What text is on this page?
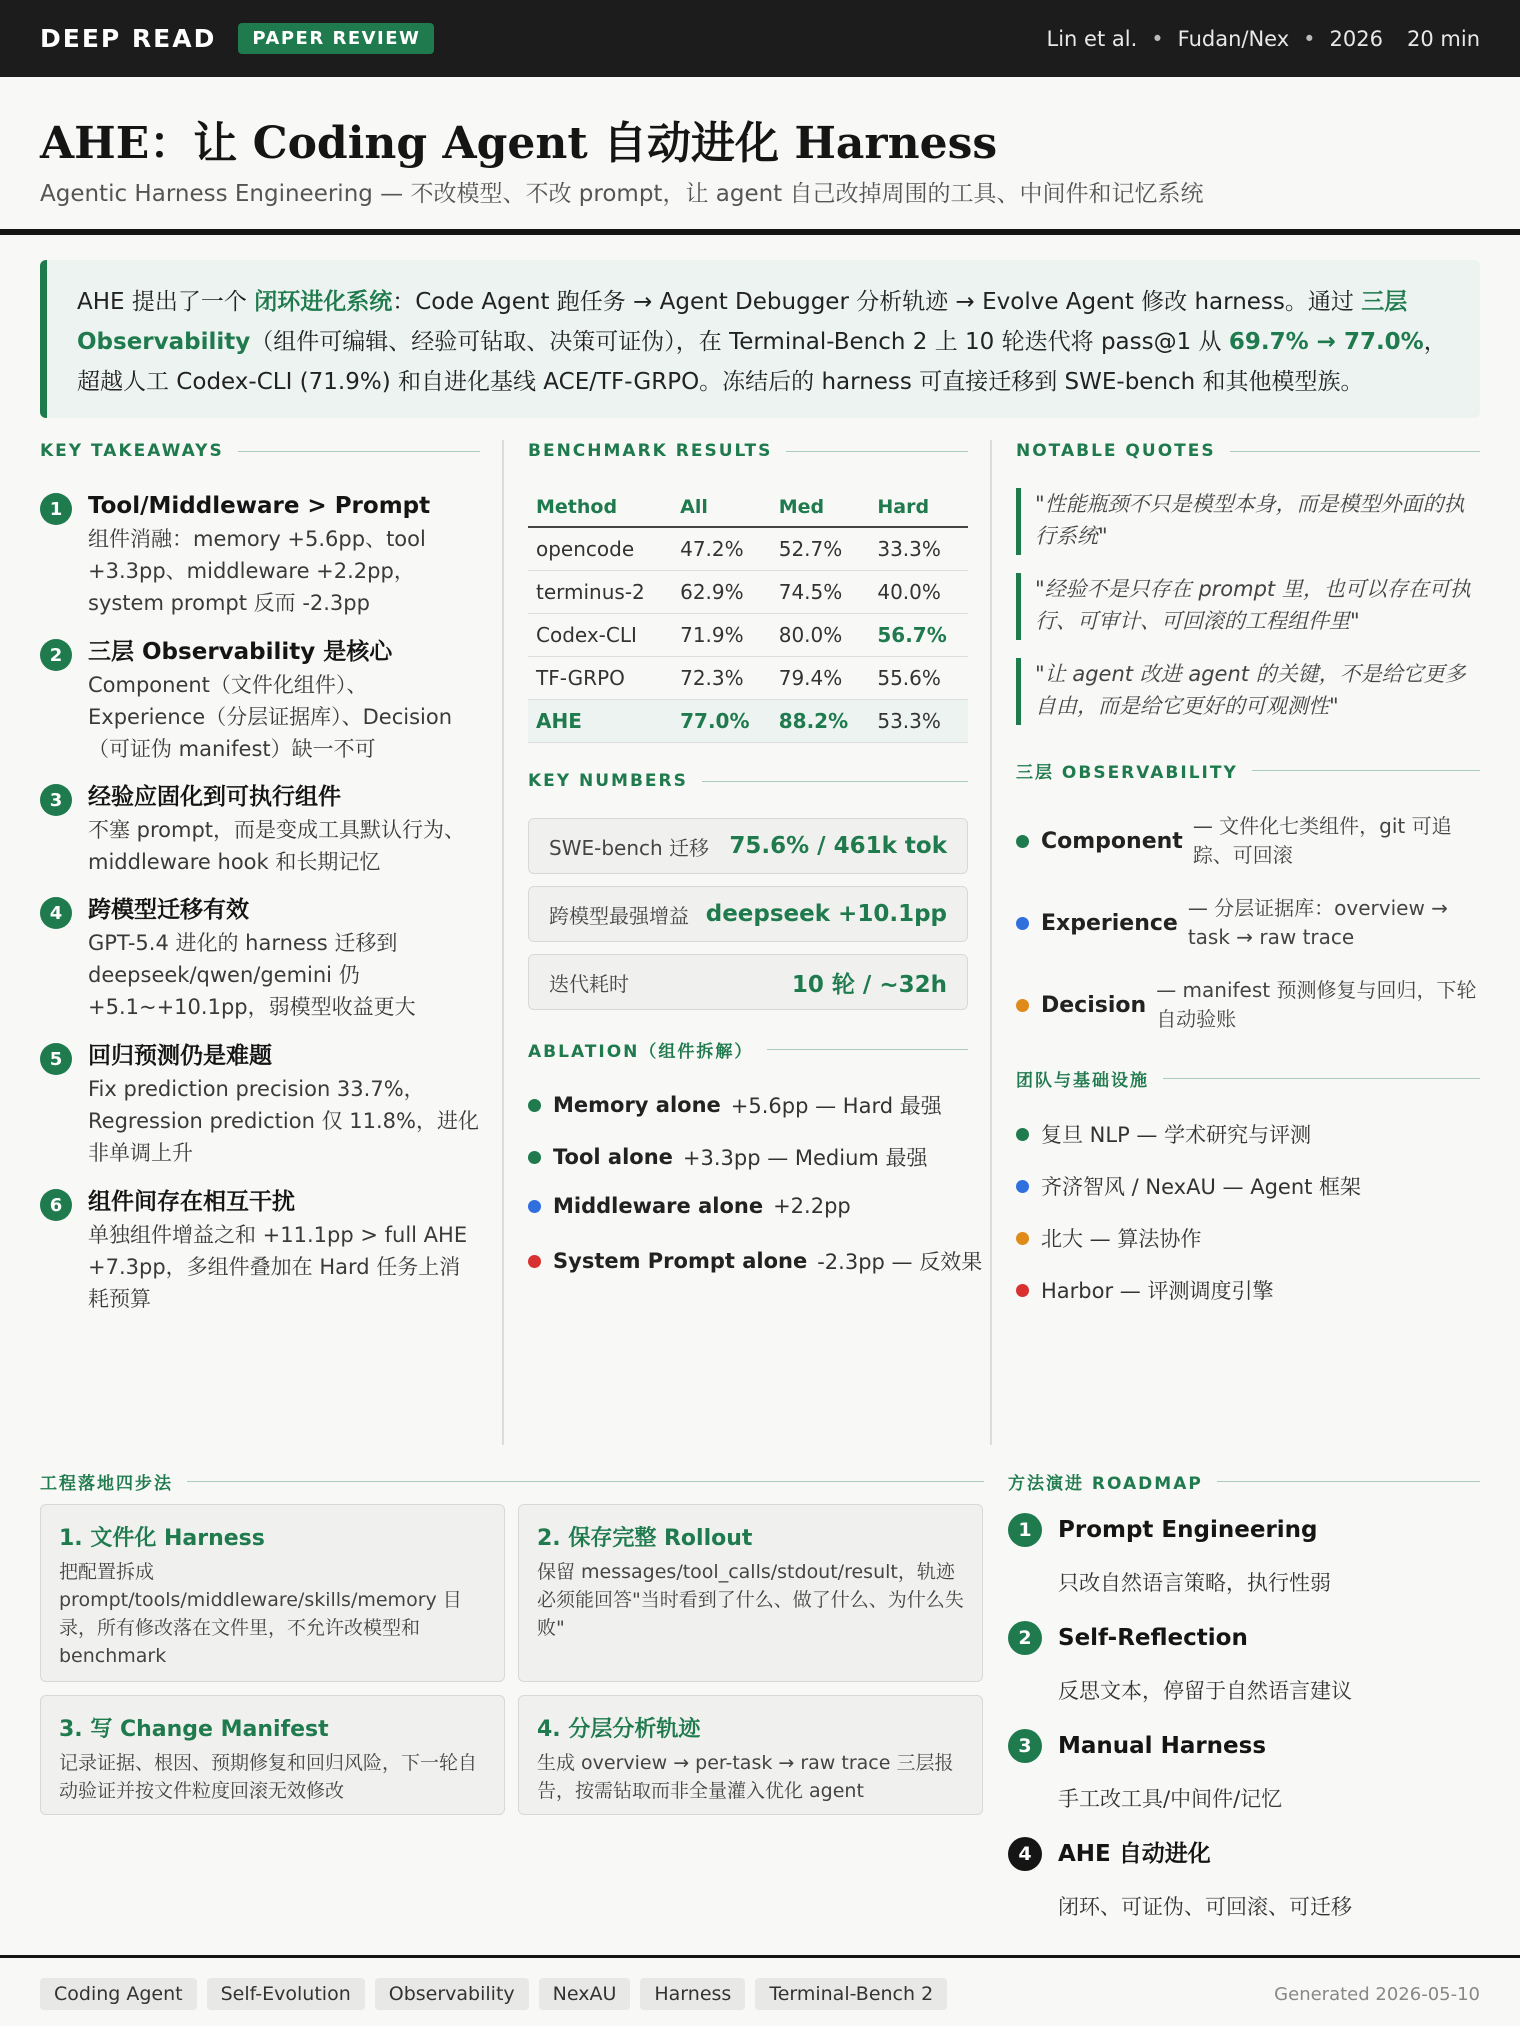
DEEP READ	PAPER REVIEW	Lin et al. • Fudan/Nex • 2026 20 min
AHE：让 Coding Agent 自动进化 Harness
Agentic Harness Engineering — 不改模型、不改 prompt，让 agent 自己改掉周围的工具、中间件和记忆系统
AHE 提出了一个 闭环进化系统：Code Agent 跑任务 → Agent Debugger 分析轨迹 → Evolve Agent 修改 harness。通过 三层 Observability（组件可编辑、经验可钻取、决策可证伪），在 Terminal-Bench 2 上 10 轮迭代将 pass@1 从 69.7% → 77.0%，超越人工 Codex-CLI (71.9%) 和自进化基线 ACE/TF-GRPO。冻结后的 harness 可直接迁移到 SWE-bench 和其他模型族。
KEY TAKEAWAYS
1	Tool/Middleware > Prompt
组件消融：memory +5.6pp、tool +3.3pp、middleware +2.2pp，system prompt 反而 -2.3pp
2	三层 Observability 是核心
Component（文件化组件）、Experience（分层证据库）、Decision（可证伪 manifest）缺一不可
3	经验应固化到可执行组件
不塞 prompt，而是变成工具默认行为、middleware hook 和长期记忆
4	跨模型迁移有效
GPT-5.4 进化的 harness 迁移到 deepseek/qwen/gemini 仍 +5.1~+10.1pp，弱模型收益更大
5	回归预测仍是难题
Fix prediction precision 33.7%，Regression prediction 仅 11.8%，进化非单调上升
6	组件间存在相互干扰
单独组件增益之和 +11.1pp > full AHE +7.3pp，多组件叠加在 Hard 任务上消耗预算
BENCHMARK RESULTS
Method	All	Med	Hard
opencode	47.2%	52.7%	33.3%
terminus-2	62.9%	74.5%	40.0%
Codex-CLI	71.9%	80.0%	56.7%
TF-GRPO	72.3%	79.4%	55.6%
AHE	77.0%	88.2%	53.3%
KEY NUMBERS
SWE-bench 迁移 75.6% / 461k tok
跨模型最强增益 deepseek +10.1pp
迭代耗时	10 轮 / ~32h
ABLATION（组件拆解）
Memory alone +5.6pp — Hard 最强
Tool alone +3.3pp — Medium 最强
Middleware alone +2.2pp
System Prompt alone -2.3pp — 反效果
NOTABLE QUOTES
"性能瓶颈不只是模型本身，而是模型外面的执行系统"
"经验不是只存在 prompt 里，也可以存在可执行、可审计、可回滚的工程组件里"
"让 agent 改进 agent 的关键，不是给它更多自由，而是给它更好的可观测性"
三层 OBSERVABILITY
Component
— 文件化七类组件，git 可追踪、可回滚
Experience
— 分层证据库：overview → task → raw trace
Decision
— manifest 预测修复与回归，下轮自动验账
团队与基础设施
复旦 NLP — 学术研究与评测
齐济智风 / NexAU — Agent 框架
北大 — 算法协作
Harbor — 评测调度引擎
工程落地四步法
1. 文件化 Harness
把配置拆成 prompt/tools/middleware/skills/memory 目录，所有修改落在文件里，不允许改模型和 benchmark
2. 保存完整 Rollout
保留 messages/tool_calls/stdout/result，轨迹必须能回答"当时看到了什么、做了什么、为什么失败"
3. 写 Change Manifest
记录证据、根因、预期修复和回归风险，下一轮自动验证并按文件粒度回滚无效修改
4. 分层分析轨迹
生成 overview → per-task → raw trace 三层报告，按需钻取而非全量灌入优化 agent
方法演进 ROADMAP
1	Prompt Engineering
只改自然语言策略，执行性弱
2	Self-Reflection
反思文本，停留于自然语言建议
3	Manual Harness
手工改工具/中间件/记忆
4	AHE 自动进化
闭环、可证伪、可回滚、可迁移
Coding Agent	Self-Evolution	Observability	NexAU	Harness	Terminal-Bench 2	Generated 2026-05-10
